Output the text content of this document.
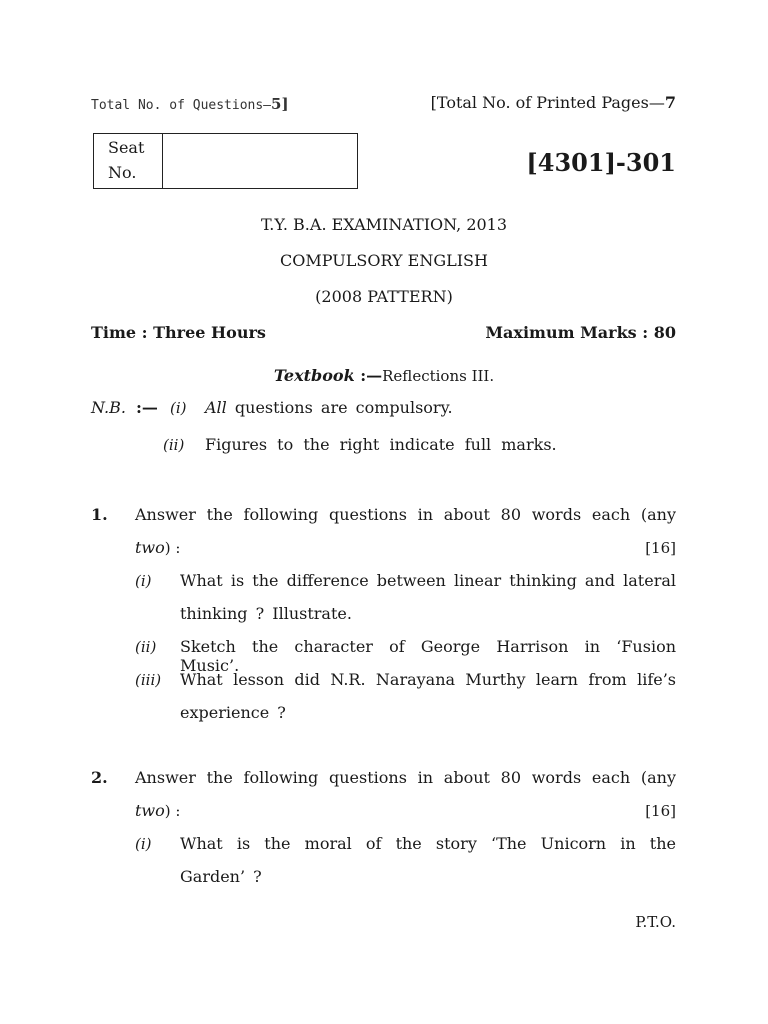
Total No. of Questions—5]	[Total No. of Printed Pages—7
Seat
No.	[4301]-301
T.Y. B.A. EXAMINATION, 2013
COMPULSORY ENGLISH
(2008 PATTERN)
Time : Three Hours	Maximum Marks : 80
Textbook :—Reflections III.
N.B. :— (i) All questions are compulsory.
(ii) Figures to the right indicate full marks.
1. Answer the following questions in about 80 words each (any
two) :	[16]
(i) What is the difference between linear thinking and lateral
thinking ? Illustrate.
(ii) Sketch the character of George Harrison in ‘Fusion Music’.
(iii) What lesson did N.R. Narayana Murthy learn from life’s
experience ?
2. Answer the following questions in about 80 words each (any
two) :	[16]
(i) What is the moral of the story ‘The Unicorn in the
Garden’ ?
P.T.O.
